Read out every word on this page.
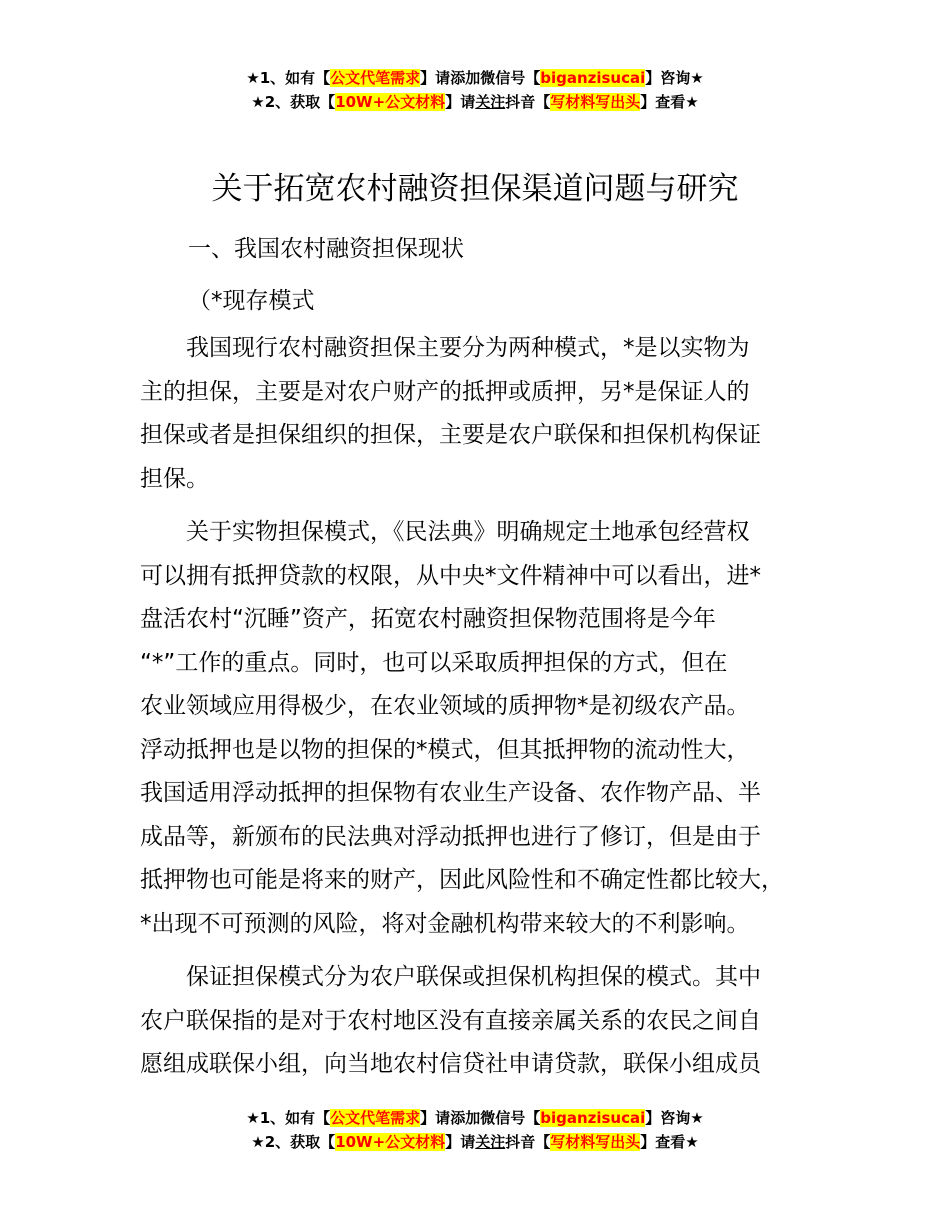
★1、如有【公文代笔需求】请添加微信号【biganzisucai】咨询★
★2、获取【10W+公文材料】请关注抖音【写材料写出头】查看★
关于拓宽农村融资担保渠道问题与研究

一、我国农村融资担保现状

（*现存模式

　　我国现行农村融资担保主要分为两种模式，*是以实物为

主的担保，主要是对农户财产的抵押或质押，另*是保证人的

担保或者是担保组织的担保，主要是农户联保和担保机构保证

担保。

　　关于实物担保模式，《民法典》明确规定土地承包经营权

可以拥有抵押贷款的权限，从中央*文件精神中可以看出，进*

盘活农村“沉睡”资产，拓宽农村融资担保物范围将是今年

“*”工作的重点。同时，也可以采取质押担保的方式，但在

农业领域应用得极少，在农业领域的质押物*是初级农产品。

浮动抵押也是以物的担保的*模式，但其抵押物的流动性大，

我国适用浮动抵押的担保物有农业生产设备、农作物产品、半

成品等，新颁布的民法典对浮动抵押也进行了修订，但是由于

抵押物也可能是将来的财产，因此风险性和不确定性都比较大，

*出现不可预测的风险，将对金融机构带来较大的不利影响。

　　保证担保模式分为农户联保或担保机构担保的模式。其中

农户联保指的是对于农村地区没有直接亲属关系的农民之间自

愿组成联保小组，向当地农村信贷社申请贷款，联保小组成员

★1、如有【公文代笔需求】请添加微信号【biganzisucai】咨询★
★2、获取【10W+公文材料】请关注抖音【写材料写出头】查看★
